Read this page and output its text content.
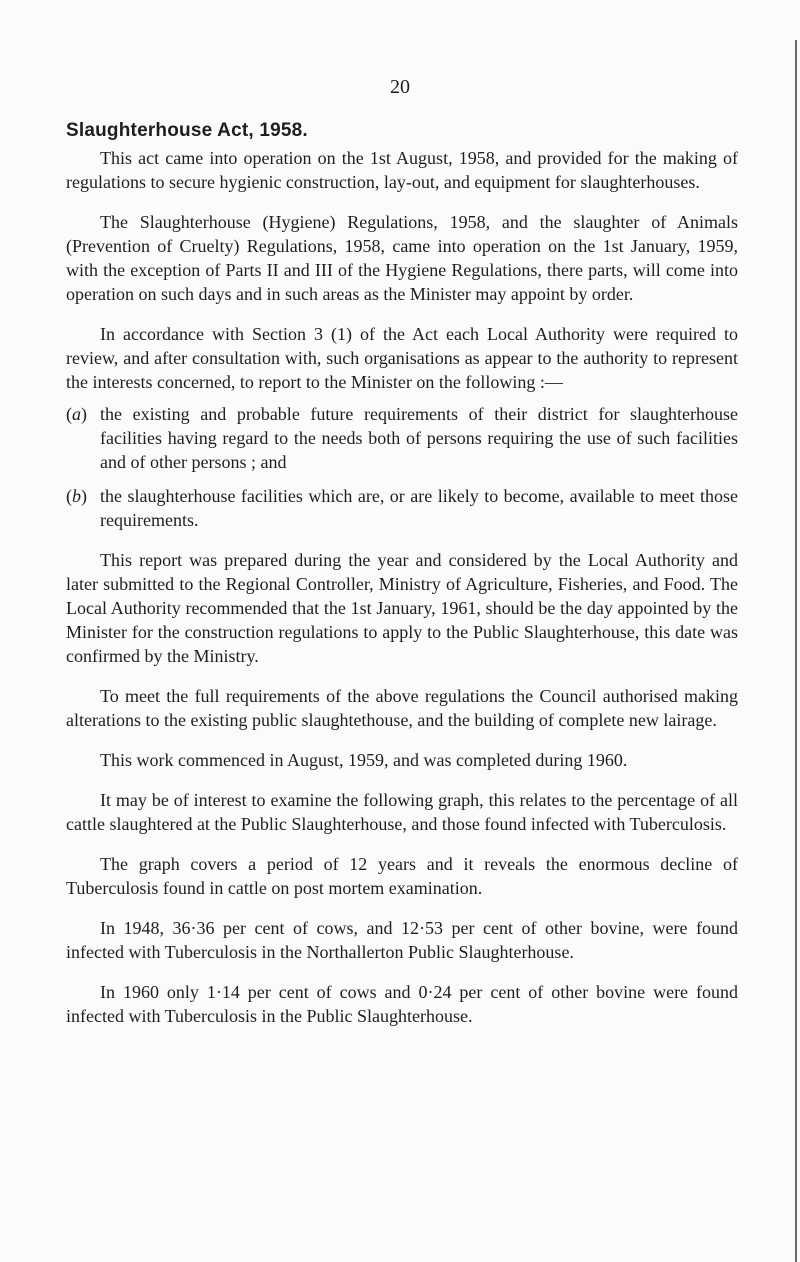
20
Slaughterhouse Act, 1958.

This act came into operation on the 1st August, 1958, and provided for the making of regulations to secure hygienic construction, lay-out, and equipment for slaughterhouses.

The Slaughterhouse (Hygiene) Regulations, 1958, and the slaughter of Animals (Prevention of Cruelty) Regulations, 1958, came into operation on the 1st January, 1959, with the exception of Parts II and III of the Hygiene Regulations, there parts, will come into operation on such days and in such areas as the Minister may appoint by order.

In accordance with Section 3 (1) of the Act each Local Authority were required to review, and after consultation with, such organisations as appear to the authority to represent the interests concerned, to report to the Minister on the following :—

(a) the existing and probable future requirements of their district for slaughterhouse facilities having regard to the needs both of persons requiring the use of such facilities and of other persons ; and
(b) the slaughterhouse facilities which are, or are likely to become, available to meet those requirements.

This report was prepared during the year and considered by the Local Authority and later submitted to the Regional Controller, Ministry of Agriculture, Fisheries, and Food. The Local Authority recommended that the 1st January, 1961, should be the day appointed by the Minister for the construction regulations to apply to the Public Slaughterhouse, this date was confirmed by the Ministry.

To meet the full requirements of the above regulations the Council authorised making alterations to the existing public slaughtethouse, and the building of complete new lairage.

This work commenced in August, 1959, and was completed during 1960.

It may be of interest to examine the following graph, this relates to the percentage of all cattle slaughtered at the Public Slaughterhouse, and those found infected with Tuberculosis.

The graph covers a period of 12 years and it reveals the enormous decline of Tuberculosis found in cattle on post mortem examination.

In 1948, 36·36 per cent of cows, and 12·53 per cent of other bovine, were found infected with Tuberculosis in the Northallerton Public Slaughterhouse.

In 1960 only 1·14 per cent of cows and 0·24 per cent of other bovine were found infected with Tuberculosis in the Public Slaughterhouse.
